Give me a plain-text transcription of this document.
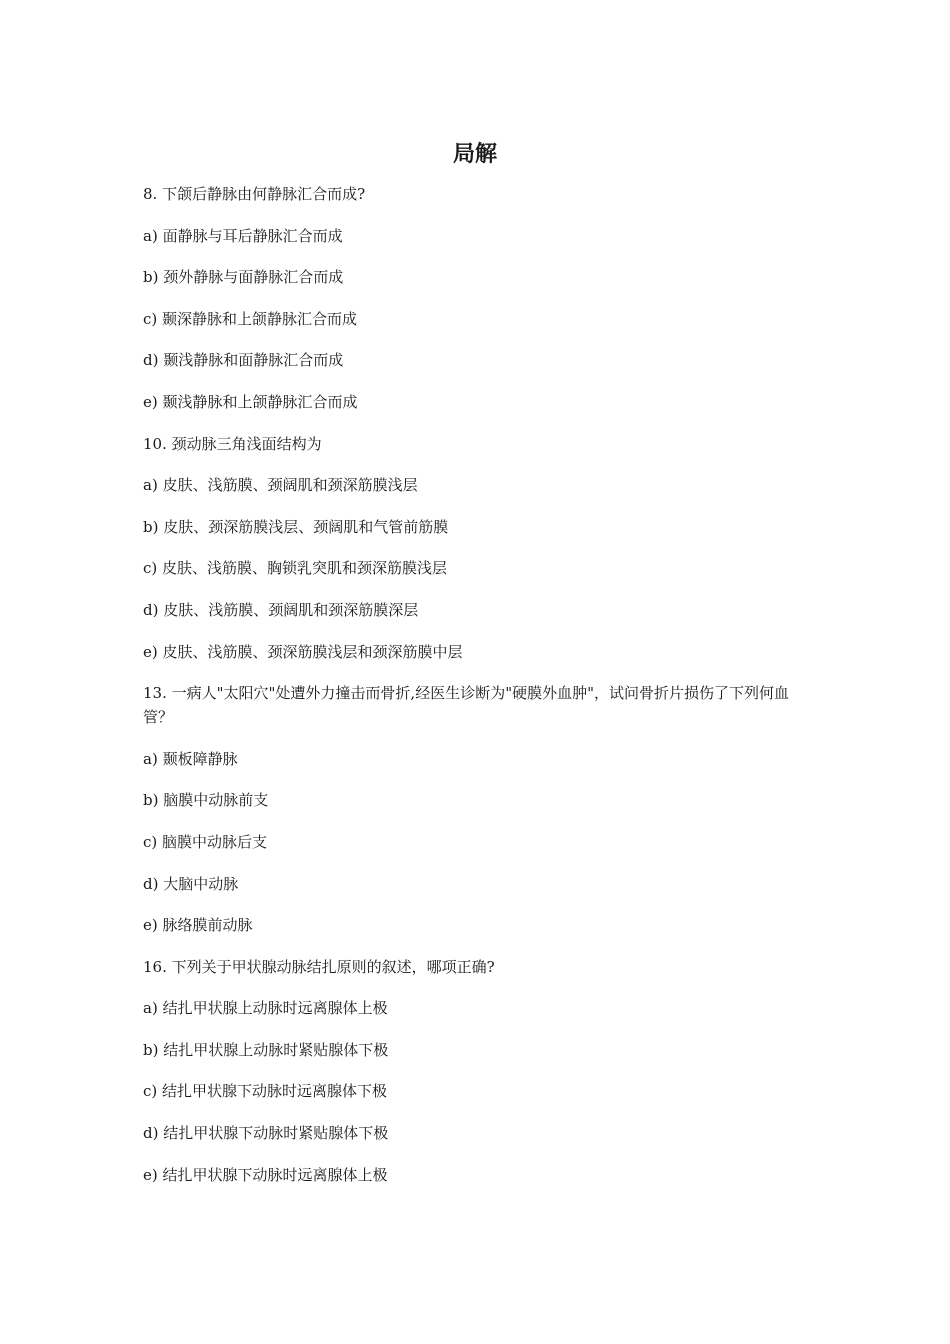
局解
8. 下颌后静脉由何静脉汇合而成?
a) 面静脉与耳后静脉汇合而成
b) 颈外静脉与面静脉汇合而成
c) 颞深静脉和上颌静脉汇合而成
d) 颞浅静脉和面静脉汇合而成
e) 颞浅静脉和上颌静脉汇合而成
10. 颈动脉三角浅面结构为
a) 皮肤、浅筋膜、颈阔肌和颈深筋膜浅层
b) 皮肤、颈深筋膜浅层、颈阔肌和气管前筋膜
c) 皮肤、浅筋膜、胸锁乳突肌和颈深筋膜浅层
d) 皮肤、浅筋膜、颈阔肌和颈深筋膜深层
e) 皮肤、浅筋膜、颈深筋膜浅层和颈深筋膜中层
13. 一病人"太阳穴"处遭外力撞击而骨折,经医生诊断为"硬膜外血肿"，试问骨折片损伤了下列何血管？
a) 颞板障静脉
b) 脑膜中动脉前支
c) 脑膜中动脉后支
d) 大脑中动脉
e) 脉络膜前动脉
16. 下列关于甲状腺动脉结扎原则的叙述，哪项正确?
a) 结扎甲状腺上动脉时远离腺体上极
b) 结扎甲状腺上动脉时紧贴腺体下极
c) 结扎甲状腺下动脉时远离腺体下极
d) 结扎甲状腺下动脉时紧贴腺体下极
e) 结扎甲状腺下动脉时远离腺体上极
